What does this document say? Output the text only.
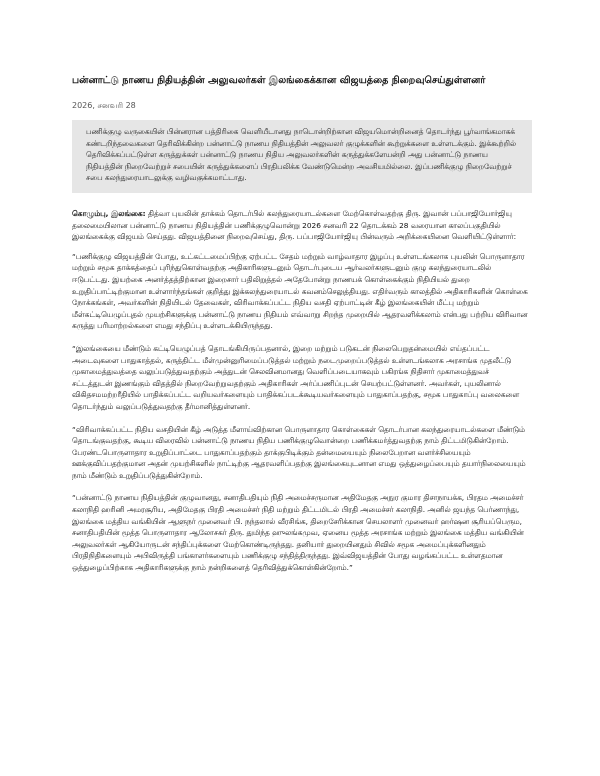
பன்னாட்டு நாணய நிதியத்தின் அலுவலர்கள் இலங்கைக்கான விஜயத்தை நிறைவுசெய்துள்ளனர்
2026, சனவரி 28
பணிக்குழு வருகையின் பின்னரான பத்திரிகை வெளியீடானது நாடொன்றிற்கான விஜயமொன்றினைத் தொடர்ந்து பூர்வாங்கமாகக் கண்டறிந்தவைகளை தெரிவிக்கின்ற பன்னாட்டு நாணய நிதியத்தின் அலுவலர் குழுக்களின் கூற்றுக்களை உள்ளடக்கும். இக்கூற்றில் தெரிவிக்கப்பட்டுள்ள கருத்துக்கள் பன்னாட்டு நாணய நிதிய அலுவலர்களின் கருத்துக்களேயன்றி அது பன்னாட்டு நாணய நிதியத்தின் நிறைவேற்றுச் சபையின் கருத்துக்களைப் பிரதிபலிக்க வேண்டுமென்ற அவசியமில்லை. இப்பணிக்குழு நிறைவேற்றுச் சபை கலந்துரையாடலுக்கு வழிவகுக்கமாட்டாது.

கொழும்பு, இலங்கை: தித்வா புயலின் தாக்கம் தொடர்பில் கலந்துரையாடல்களை மேற்கொள்வதற்கு திரு. இவான் பப்பாஜியோர்ஜியு தலைமையிலான பன்னாட்டு நாணய நிதியத்தின் பணிக்குழுவொன்று 2026 சனவரி 22 தொடக்கம் 28 வரையான காலப்பகுதியில் இலங்கைக்கு விஜயம் செய்தது. விஜயத்தினை நிறைவுசெய்து, திரு. பப்பாஜியோர்ஜியு பின்வரும் அறிக்கையினை வெளியிட்டுள்ளார்:

“பணிக்குழு விஜயத்தின் போது, உட்கட்டமைப்பிற்கு ஏற்பட்ட சேதம் மற்றும் வாழ்வாதார இழப்பு உள்ளடங்கலாக புயலின் பொருளாதார மற்றும் சமூக தாக்கத்தைப் புரிந்துகொள்வதற்கு அதிகாரிகளுடனும் தொடர்புடைய ஆர்வலர்களுடனும் குழு கலந்துரையாடலில் ஈடுபட்டது. இயற்கை அனர்த்தத்திற்கான இறைசார் பதிலிறுத்தல் அதேபோன்று நாணயக் கொள்கைக்கும் நிதியியல் துறை உறுதிப்பாட்டிற்குமான உள்ளார்ந்தங்கள் குறித்து இக்கலந்துரையாடல் கவனம்செலுத்தியது. எதிர்வரும் காலத்தில் அதிகாரிகளின் கொள்கை நோக்கங்கள், அவர்களின் நிதியிடல் தேவைகள், விரிவாக்கப்பட்ட நிதிய வசதி ஏற்பாட்டின் கீழ் இலங்கையின் மீட்பு மற்றும் மீள்கட்டியெழுப்புதல் முயற்சிகளுக்கு பன்னாட்டு நாணய நிதியம் எவ்வாறு சிறந்த முறையில் ஆதரவளிக்கலாம் என்பது பற்றிய விரிவான கருத்து பரிமாற்றல்களை எமது சந்திப்பு உள்ளடக்கியிருந்தது.

“இலங்கையை மீண்டும் கட்டியெழுப்பத் தொடங்கியிருப்பதனால், இறை மற்றும் படுகடன் நிலைபெறுதன்மையில் எய்தப்பட்ட அடைவுகளை பாதுகாத்தல், கருத்திட்ட மீள்முன்னுரிமைப்படுத்தல் மற்றும் நடைமுறைப்படுத்தல் உள்ளடங்கலாக அரசாங்க முதலீட்டு முகாமைத்துவத்தை வலுப்படுத்துவதற்கும் அத்துடன் செலவினமானது வெளிப்படையாகவும் பகிரங்க நிதிசார் முகாமைத்துவச் சட்டத்துடன் இணங்கும் விதத்தில் நிறைவேற்றுவதற்கும் அதிகாரிகள் அர்ப்பணிப்புடன் செயற்பட்டுள்ளனர். அவர்கள், புயலினால் விகிதசமமற்றரீதியில் பாதிக்கப்பட்ட வறியவர்களையும் பாதிக்கப்படக்கூடியவர்களையும் பாதுகாப்பதற்கு, சமூக பாதுகாப்பு வலைகளை தொடர்ந்தும் வலுப்படுத்துவதற்கு தீர்மானித்துள்ளனர்.

“விரிவாக்கப்பட்ட நிதிய வசதியின் கீழ் அடுத்த மீளாய்விற்கான பொருளாதார கொள்கைகள் தொடர்பான கலந்துரையாடல்களை மீண்டும் தொடங்குவதற்கு, கூடிய விரைவில் பன்னாட்டு நாணய நிதிய பணிக்குழுவொன்றை பணிக்கமர்த்துவதற்கு நாம் திட்டமிடுகின்றோம். பேரண்டபொருளாதார உறுதிப்பாட்டை பாதுகாப்பதற்கும் தாக்குபிடிக்கும் தன்மையையும் நிலைபேறான வளர்ச்சியையும் ஊக்குவிப்பதற்குமான அதன் முயற்சிகளில் நாட்டிற்கு ஆதரவளிப்பதற்கு இலங்கையுடனான எமது ஒத்துழைப்பையும் தயார்நிலையையும் நாம் மீண்டும் உறுதிப்படுத்துகின்றோம்.

“பன்னாட்டு நாணய நிதியத்தின் குழுவானது, சனாதிபதியும் நிதி அமைச்சருமான அதிமேதகு அநுர குமார திசாநாயக்க, பிரதம அமைச்சர் கலாநிதி ஹரினி அமரசூரிய, அதிமேதகு பிரதி அமைச்சர் நிதி மற்றும் திட்டமிடல் பிரதி அமைச்சர் கலாநிதி. அனில் ஜயந்த பெர்ணாந்து, இலங்கை மத்திய வங்கியின் ஆளுநர் முனைவர் பி. நந்தலால் வீரசிங்க, திறைசேரிக்கான செயலாளர் முனைவர் ஹர்ஷன சூரியப்பெரும, சனாதிபதியின் மூத்த பொருளாதார ஆலோசகர் திரு. துமிந்த ஹுலங்கமுவ, ஏனைய மூத்த அரசாங்க மற்றும் இலங்கை மத்திய வங்கியின் அலுவலர்கள் ஆகியோருடன் சந்திப்புக்களை மேற்கொண்டிருந்தது. தனியார் துறையினதும் சிவில் சமூக அமைப்புக்களினதும் பிரதிநிதிகளையும் அபிவிருத்தி பங்காளர்களையும் பணிக்குழு சந்தித்திருந்தது. இவ்விஜயத்தின் போது வழங்கப்பட்ட உள்ளதமான ஒத்துழைப்பிற்காக அதிகாரிகளுக்கு நாம் நன்றிகளைத் தெரிவித்துக்கொள்கின்றோம்.”
